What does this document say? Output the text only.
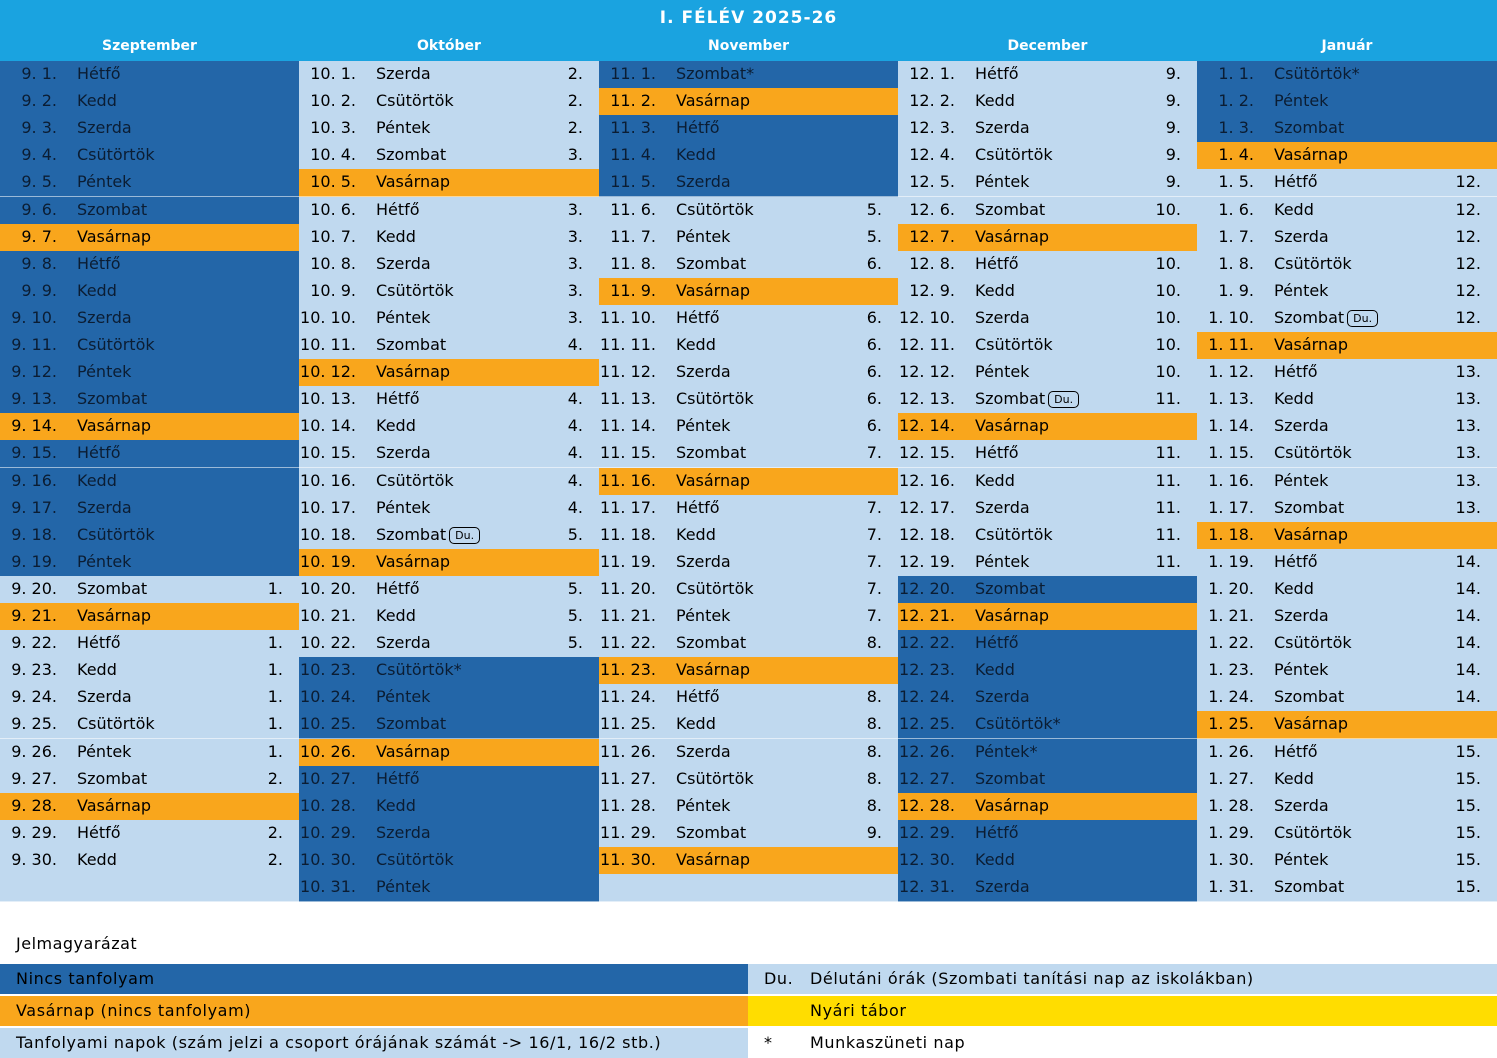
I. FÉLÉV 2025-26
Szeptember	Október	November	December	Január
9. 1.	Hétfő
9. 2.	Kedd
9. 3.	Szerda
9. 4.	Csütörtök
9. 5.	Péntek
9. 6.	Szombat
9. 7.	Vasárnap
9. 8.	Hétfő
9. 9.	Kedd
9. 10.	Szerda
9. 11.	Csütörtök
9. 12.	Péntek
9. 13.	Szombat
9. 14.	Vasárnap
9. 15.	Hétfő
9. 16.	Kedd
9. 17.	Szerda
9. 18.	Csütörtök
9. 19.	Péntek
9. 20.	Szombat	1.
9. 21.	Vasárnap
9. 22.	Hétfő	1.
9. 23.	Kedd	1.
9. 24.	Szerda	1.
9. 25.	Csütörtök	1.
9. 26.	Péntek	1.
9. 27.	Szombat	2.
9. 28.	Vasárnap
9. 29.	Hétfő	2.
9. 30.	Kedd	2.
10. 1.	Szerda	2.
10. 2.	Csütörtök	2.
10. 3.	Péntek	2.
10. 4.	Szombat	3.
10. 5.	Vasárnap
10. 6.	Hétfő	3.
10. 7.	Kedd	3.
10. 8.	Szerda	3.
10. 9.	Csütörtök	3.
10. 10.	Péntek	3.
10. 11.	Szombat	4.
10. 12.	Vasárnap
10. 13.	Hétfő	4.
10. 14.	Kedd	4.
10. 15.	Szerda	4.
10. 16.	Csütörtök	4.
10. 17.	Péntek	4.
10. 18.	Szombat Du.	5.
10. 19.	Vasárnap
10. 20.	Hétfő	5.
10. 21.	Kedd	5.
10. 22.	Szerda	5.
10. 23.	Csütörtök*
10. 24.	Péntek
10. 25.	Szombat
10. 26.	Vasárnap
10. 27.	Hétfő
10. 28.	Kedd
10. 29.	Szerda
10. 30.	Csütörtök
10. 31.	Péntek
11. 1.	Szombat*
11. 2.	Vasárnap
11. 3.	Hétfő
11. 4.	Kedd
11. 5.	Szerda
11. 6.	Csütörtök	5.
11. 7.	Péntek	5.
11. 8.	Szombat	6.
11. 9.	Vasárnap
11. 10.	Hétfő	6.
11. 11.	Kedd	6.
11. 12.	Szerda	6.
11. 13.	Csütörtök	6.
11. 14.	Péntek	6.
11. 15.	Szombat	7.
11. 16.	Vasárnap
11. 17.	Hétfő	7.
11. 18.	Kedd	7.
11. 19.	Szerda	7.
11. 20.	Csütörtök	7.
11. 21.	Péntek	7.
11. 22.	Szombat	8.
11. 23.	Vasárnap
11. 24.	Hétfő	8.
11. 25.	Kedd	8.
11. 26.	Szerda	8.
11. 27.	Csütörtök	8.
11. 28.	Péntek	8.
11. 29.	Szombat	9.
11. 30.	Vasárnap
12. 1.	Hétfő	9.
12. 2.	Kedd	9.
12. 3.	Szerda	9.
12. 4.	Csütörtök	9.
12. 5.	Péntek	9.
12. 6.	Szombat	10.
12. 7.	Vasárnap
12. 8.	Hétfő	10.
12. 9.	Kedd	10.
12. 10.	Szerda	10.
12. 11.	Csütörtök	10.
12. 12.	Péntek	10.
12. 13.	Szombat Du.	11.
12. 14.	Vasárnap
12. 15.	Hétfő	11.
12. 16.	Kedd	11.
12. 17.	Szerda	11.
12. 18.	Csütörtök	11.
12. 19.	Péntek	11.
12. 20.	Szombat
12. 21.	Vasárnap
12. 22.	Hétfő
12. 23.	Kedd
12. 24.	Szerda
12. 25.	Csütörtök*
12. 26.	Péntek*
12. 27.	Szombat
12. 28.	Vasárnap
12. 29.	Hétfő
12. 30.	Kedd
12. 31.	Szerda
1. 1.	Csütörtök*
1. 2.	Péntek
1. 3.	Szombat
1. 4.	Vasárnap
1. 5.	Hétfő	12.
1. 6.	Kedd	12.
1. 7.	Szerda	12.
1. 8.	Csütörtök	12.
1. 9.	Péntek	12.
1. 10.	Szombat Du.	12.
1. 11.	Vasárnap
1. 12.	Hétfő	13.
1. 13.	Kedd	13.
1. 14.	Szerda	13.
1. 15.	Csütörtök	13.
1. 16.	Péntek	13.
1. 17.	Szombat	13.
1. 18.	Vasárnap
1. 19.	Hétfő	14.
1. 20.	Kedd	14.
1. 21.	Szerda	14.
1. 22.	Csütörtök	14.
1. 23.	Péntek	14.
1. 24.	Szombat	14.
1. 25.	Vasárnap
1. 26.	Hétfő	15.
1. 27.	Kedd	15.
1. 28.	Szerda	15.
1. 29.	Csütörtök	15.
1. 30.	Péntek	15.
1. 31.	Szombat	15.
Jelmagyarázat
Nincs tanfolyam	Du. Délutáni órák (Szombati tanítási nap az iskolákban)
Vasárnap (nincs tanfolyam)	Nyári tábor
Tanfolyami napok (szám jelzi a csoport órájának számát -> 16/1, 16/2 stb.)	* Munkaszüneti nap
